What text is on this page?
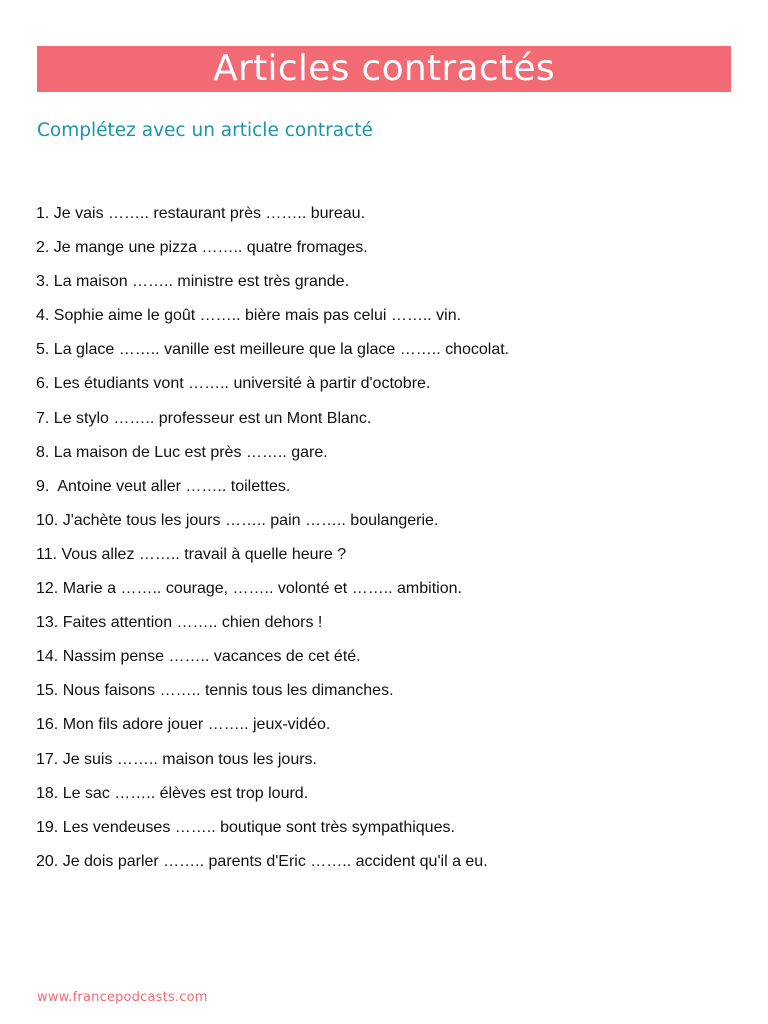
Articles contractés
Complétez avec un article contracté
1. Je vais …….. restaurant près …….. bureau.
2. Je mange une pizza …….. quatre fromages.
3. La maison …….. ministre est très grande.
4. Sophie aime le goût …….. bière mais pas celui …….. vin.
5. La glace …….. vanille est meilleure que la glace …….. chocolat.
6. Les étudiants vont …….. université à partir d'octobre.
7. Le stylo …….. professeur est un Mont Blanc.
8. La maison de Luc est près …….. gare.
9.  Antoine veut aller …….. toilettes.
10. J'achète tous les jours …….. pain …….. boulangerie.
11. Vous allez …….. travail à quelle heure ?
12. Marie a …….. courage, …….. volonté et …….. ambition.
13. Faites attention …….. chien dehors !
14. Nassim pense …….. vacances de cet été.
15. Nous faisons …….. tennis tous les dimanches.
16. Mon fils adore jouer …….. jeux-vidéo.
17. Je suis …….. maison tous les jours.
18. Le sac …….. élèves est trop lourd.
19. Les vendeuses …….. boutique sont très sympathiques.
20. Je dois parler …….. parents d'Eric …….. accident qu'il a eu.
www.francepodcasts.com
